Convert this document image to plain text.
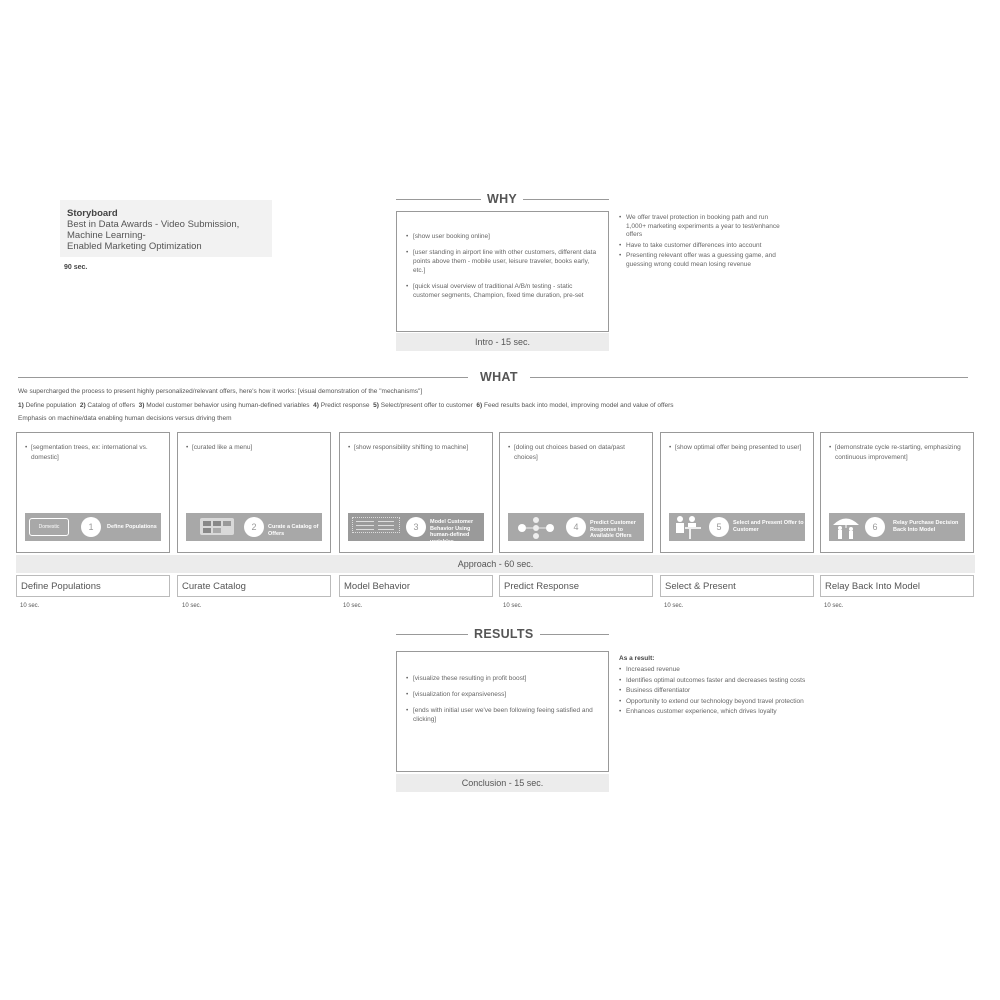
Storyboard
Best in Data Awards - Video Submission,
Machine Learning-
Enabled Marketing Optimization
90 sec.
WHY
• [show user booking online]
• [user standing in airport line with other customers, different data points above them - mobile user, leisure traveler, books early, etc.]
• [quick visual overview of traditional A/B/n testing - static customer segments, Champion, fixed time duration, pre-set
Intro - 15 sec.
• We offer travel protection in booking path and run 1,000+ marketing experiments a year to test/enhance offers
• Have to take customer differences into account
• Presenting relevant offer was a guessing game, and guessing wrong could mean losing revenue
WHAT
We supercharged the process to present highly personalized/relevant offers, here's how it works: [visual demonstration of the "mechanisms"]
1) Define population 2) Catalog of offers 3) Model customer behavior using human-defined variables 4) Predict response 5) Select/present offer to customer 6) Feed results back into model, improving model and value of offers
Emphasis on machine/data enabling human decisions versus driving them
• [segmentation trees, ex: international vs. domestic]
Domestic	1	Define Populations
• [curated like a menu]
2	Curate a Catalog of Offers
• [show responsibility shifting to machine]
3	Model Customer Behavior Using human-defined variables
• [doling out choices based on data/past choices]
4	Predict Customer Response to Available Offers
• [show optimal offer being presented to user]
5	Select and Present Offer to Customer
• [demonstrate cycle re-starting, emphasizing continuous improvement]
6	Relay Purchase Decision Back Into Model
Approach - 60 sec.
Define Populations	Curate Catalog	Model Behavior	Predict Response	Select & Present	Relay Back Into Model
10 sec.	10 sec.	10 sec.	10 sec.	10 sec.	10 sec.
RESULTS
• [visualize these resulting in profit boost]
• [visualization for expansiveness]
• [ends with initial user we've been following feeing satisfied and clicking]
Conclusion - 15 sec.
As a result:
• Increased revenue
• Identifies optimal outcomes faster and decreases testing costs
• Business differentiator
• Opportunity to extend our technology beyond travel protection
• Enhances customer experience, which drives loyalty
